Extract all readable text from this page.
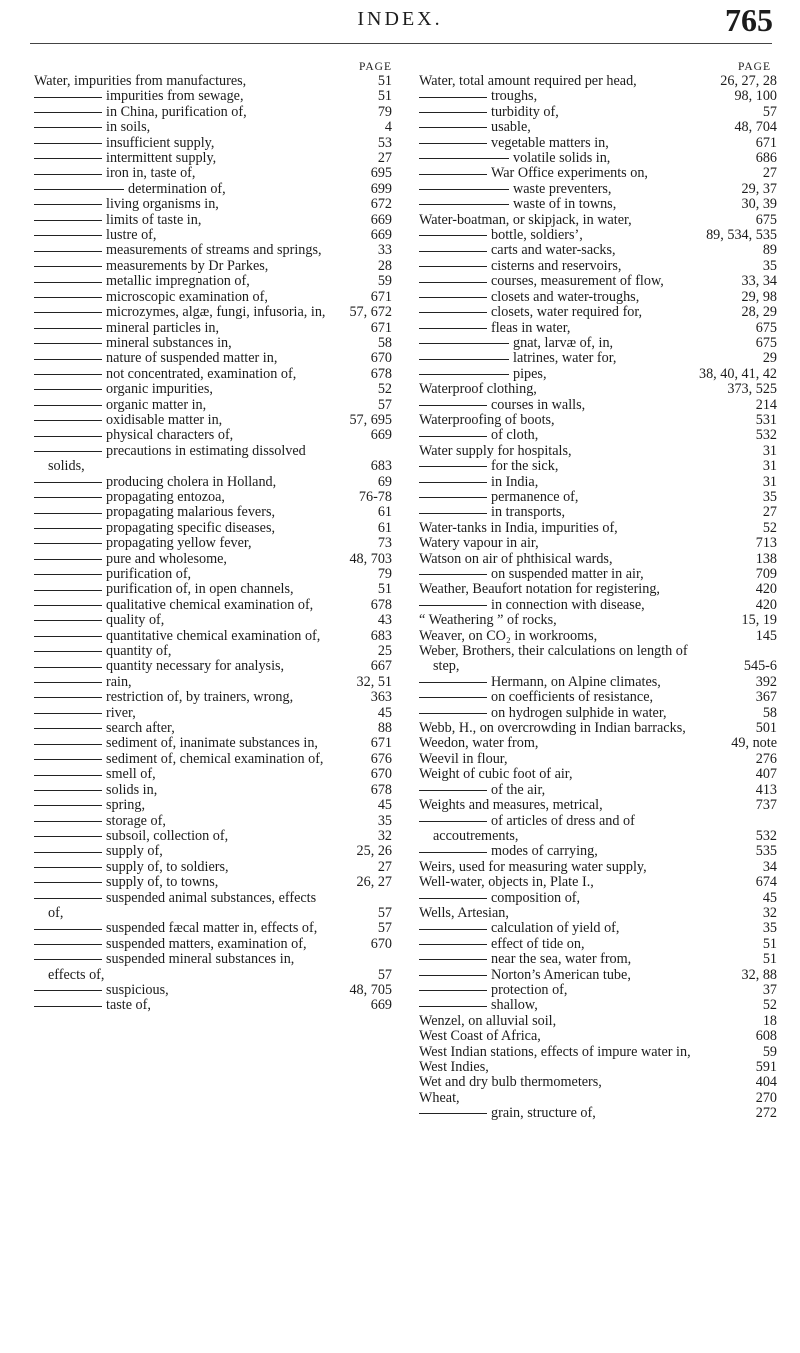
INDEX.	765
PAGE
Water, impurities from manufactures,	51
impurities from sewage,	51
in China, purification of,	79
in soils,	4
insufficient supply,	53
intermittent supply,	27
iron in, taste of,	695
determination of,	699
living organisms in,	672
limits of taste in,	669
lustre of,	669
measurements of streams and springs,	33
measurements by Dr Parkes,	28
metallic impregnation of,	59
microscopic examination of,	671
microzymes, algæ, fungi, infusoria, in,	57, 672
mineral particles in,	671
mineral substances in,	58
nature of suspended matter in,	670
not concentrated, examination of,	678
organic impurities,	52
organic matter in,	57
oxidisable matter in,	57, 695
physical characters of,	669
precautions in estimating dissolved solids,	683
producing cholera in Holland,	69
propagating entozoa,	76-78
propagating malarious fevers,	61
propagating specific diseases,	61
propagating yellow fever,	73
pure and wholesome,	48, 703
purification of,	79
purification of, in open channels,	51
qualitative chemical examination of,	678
quality of,	43
quantitative chemical examination of,	683
quantity of,	25
quantity necessary for analysis,	667
rain,	32, 51
restriction of, by trainers, wrong,	363
river,	45
search after,	88
sediment of, inanimate substances in,	671
sediment of, chemical examination of,	676
smell of,	670
solids in,	678
spring,	45
storage of,	35
subsoil, collection of,	32
supply of,	25, 26
supply of, to soldiers,	27
supply of, to towns,	26, 27
suspended animal substances, effects of,	57
suspended fæcal matter in, effects of,	57
suspended matters, examination of,	670
suspended mineral substances in, effects of,	57
suspicious,	48, 705
taste of,	669
PAGE
Water, total amount required per head,	26, 27, 28
troughs,	98, 100
turbidity of,	57
usable,	48, 704
vegetable matters in,	671
volatile solids in,	686
War Office experiments on,	27
waste preventers,	29, 37
waste of in towns,	30, 39
Water-boatman, or skipjack, in water,	675
bottle, soldiers’,	89, 534, 535
carts and water-sacks,	89
cisterns and reservoirs,	35
courses, measurement of flow,	33, 34
closets and water-troughs,	29, 98
closets, water required for,	28, 29
fleas in water,	675
gnat, larvæ of, in,	675
latrines, water for,	29
pipes,	38, 40, 41, 42
Waterproof clothing,	373, 525
courses in walls,	214
Waterproofing of boots,	531
of cloth,	532
Water supply for hospitals,	31
for the sick,	31
in India,	31
permanence of,	35
in transports,	27
Water-tanks in India, impurities of,	52
Watery vapour in air,	713
Watson on air of phthisical wards,	138
on suspended matter in air,	709
Weather, Beaufort notation for registering,	420
in connection with disease,	420
“ Weathering ” of rocks,	15, 19
Weaver, on CO₂ in workrooms,	145
Weber, Brothers, their calculations on length of step,	545-6
Hermann, on Alpine climates,	392
on coefficients of resistance,	367
on hydrogen sulphide in water,	58
Webb, H., on overcrowding in Indian barracks,	501
Weedon, water from,	49, note
Weevil in flour,	276
Weight of cubic foot of air,	407
of the air,	413
Weights and measures, metrical,	737
of articles of dress and of accoutrements,	532
modes of carrying,	535
Weirs, used for measuring water supply,	34
Well-water, objects in, Plate I.,	674
composition of,	45
Wells, Artesian,	32
calculation of yield of,	35
effect of tide on,	51
near the sea, water from,	51
Norton’s American tube,	32, 88
protection of,	37
shallow,	52
Wenzel, on alluvial soil,	18
West Coast of Africa,	608
West Indian stations, effects of impure water in,	59
West Indies,	591
Wet and dry bulb thermometers,	404
Wheat,	270
grain, structure of,	272
